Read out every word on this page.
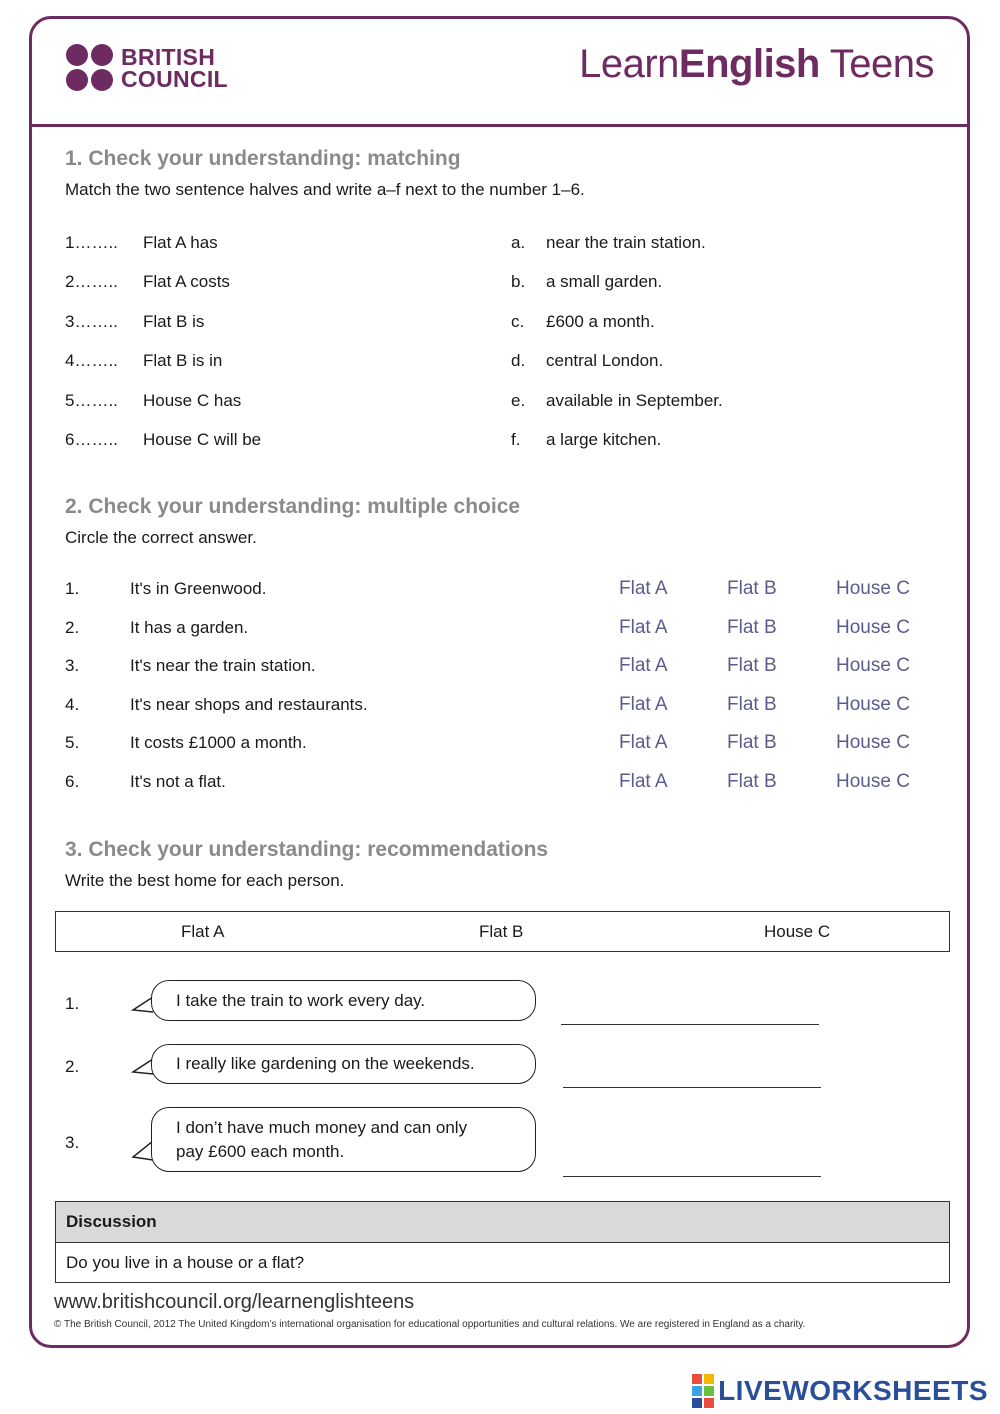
BRITISH
COUNCIL	LearnEnglish Teens
1. Check your understanding: matching
Match the two sentence halves and write a–f next to the number 1–6.
1…….. Flat A has	a. near the train station.
2…….. Flat A costs	b. a small garden.
3…….. Flat B is	c. £600 a month.
4…….. Flat B is in	d. central London.
5…….. House C has	e. available in September.
6…….. House C will be	f. a large kitchen.
2. Check your understanding: multiple choice
Circle the correct answer.
1.	It's in Greenwood.	Flat A	Flat B	House C
2.	It has a garden.	Flat A	Flat B	House C
3.	It's near the train station.	Flat A	Flat B	House C
4.	It's near shops and restaurants.	Flat A	Flat B	House C
5.	It costs £1000 a month.	Flat A	Flat B	House C
6.	It's not a flat.	Flat A	Flat B	House C
3. Check your understanding: recommendations
Write the best home for each person.
Flat A	Flat B	House C
1.	I take the train to work every day.
2.	I really like gardening on the weekends.
3.
I don’t have much money and can only
pay £600 each month.
Discussion
Do you live in a house or a flat?
www.britishcouncil.org/learnenglishteens
© The British Council, 2012 The United Kingdom’s international organisation for educational opportunities and cultural relations. We are registered in England as a charity.
LIVEWORKSHEETS
